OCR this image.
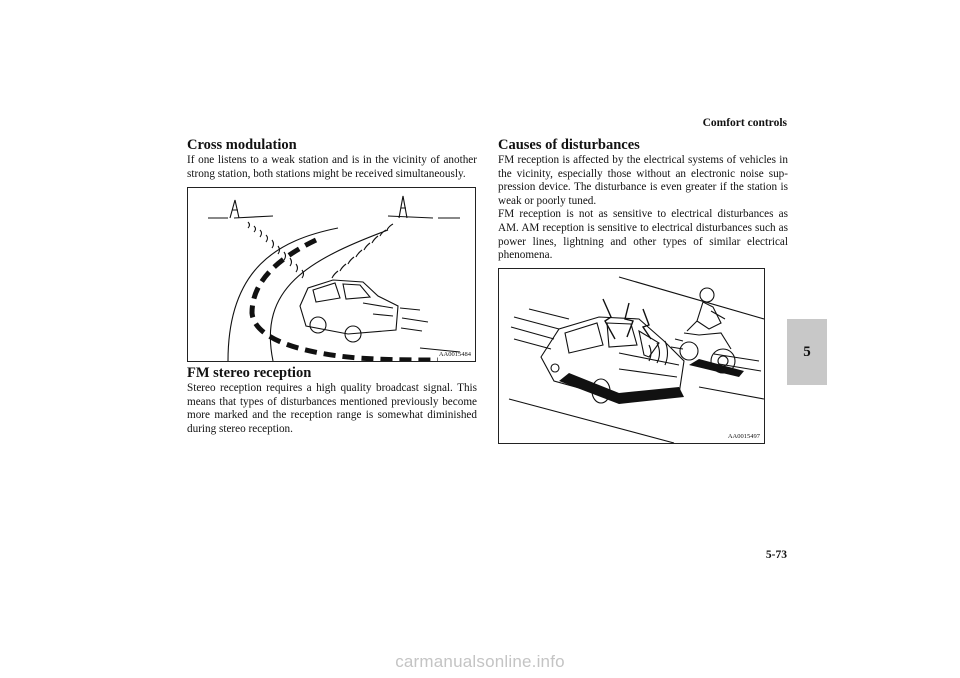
Comfort controls
Cross modulation

If one listens to a weak station and is in the vicinity of another strong station, both stations might be received simultaneously.

AA0015484
FM stereo reception

Stereo reception requires a high quality broadcast signal. This means that types of disturbances mentioned previously become more marked and the reception range is somewhat diminished during stereo reception.

Causes of disturbances

FM reception is affected by the electrical systems of vehicles in the vicinity, especially those without an electronic noise sup-pression device. The disturbance is even greater if the station is weak or poorly tuned.

FM reception is not as sensitive to electrical disturbances as AM. AM reception is sensitive to electrical disturbances such as power lines, lightning and other types of similar electrical phenomena.

AA0015497
5
5-73
carmanualsonline.info
